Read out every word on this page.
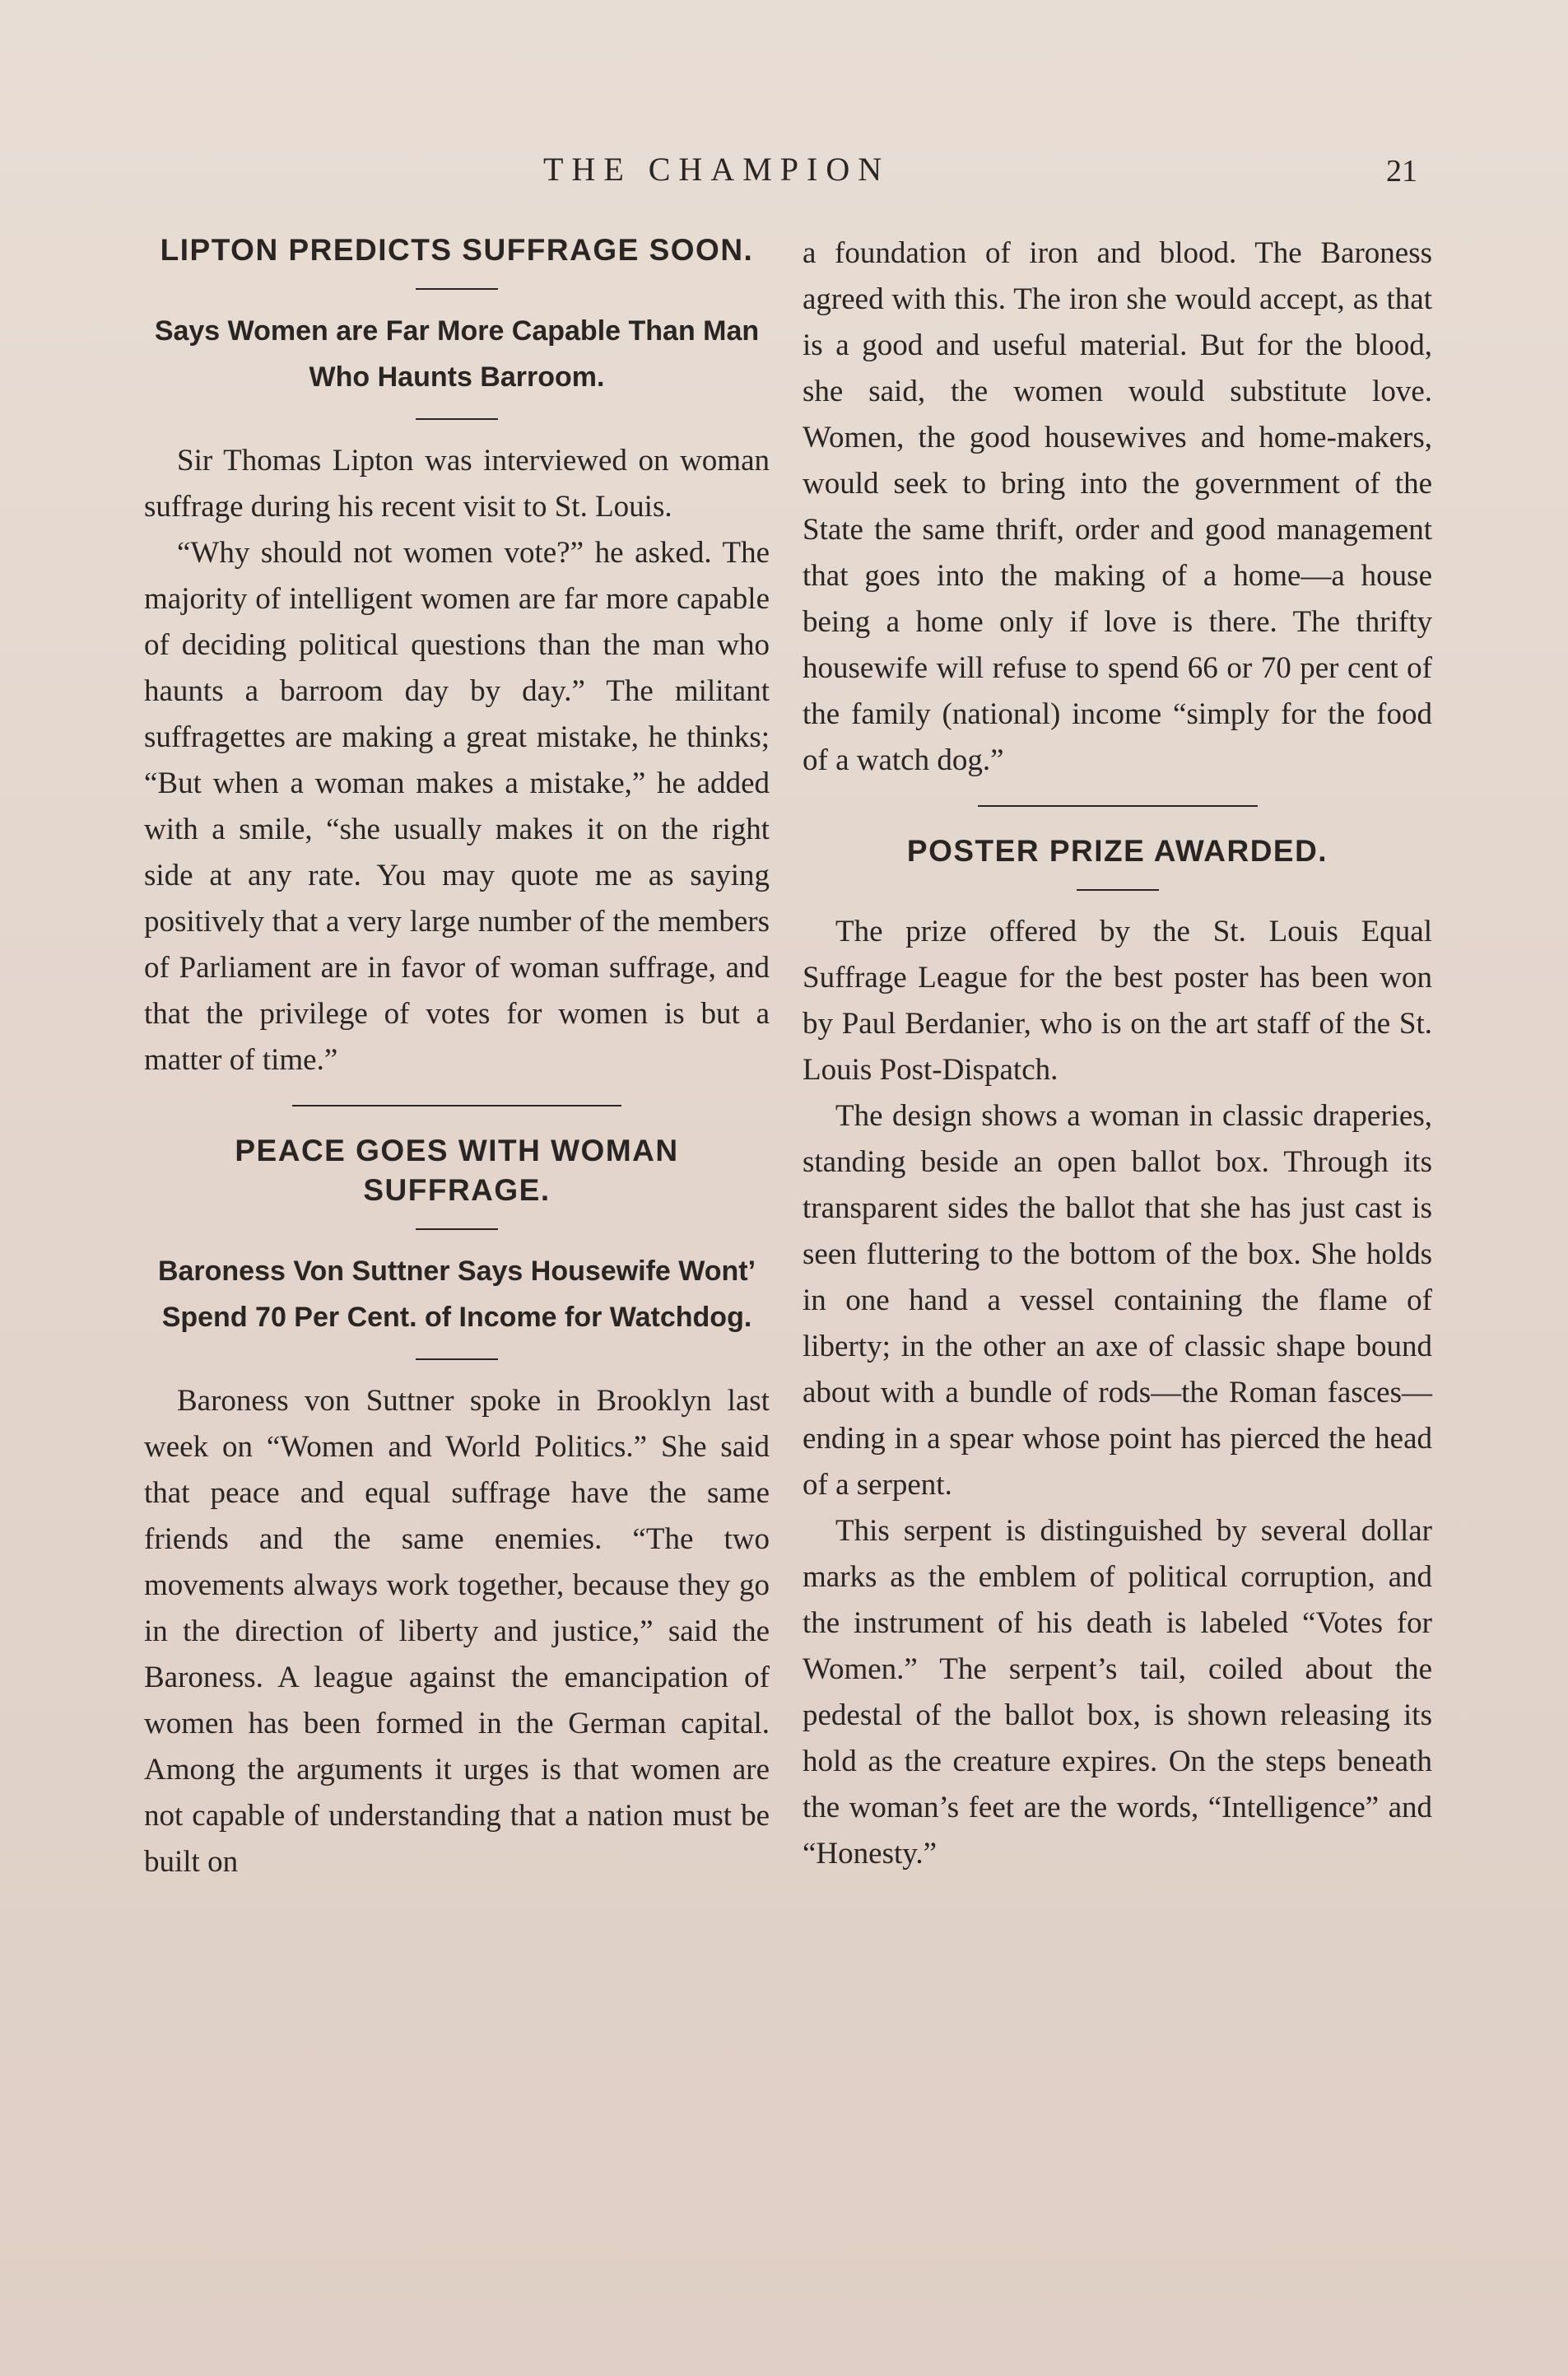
THE CHAMPION	21
LIPTON PREDICTS SUFFRAGE SOON.
Says Women are Far More Capable Than Man Who Haunts Barroom.

Sir Thomas Lipton was interviewed on woman suffrage during his recent visit to St. Louis.

“Why should not women vote?” he asked. The majority of intelligent women are far more capable of deciding political questions than the man who haunts a barroom day by day.” The militant suffragettes are making a great mistake, he thinks; “But when a woman makes a mistake,” he added with a smile, “she usually makes it on the right side at any rate. You may quote me as saying positively that a very large number of the members of Parliament are in favor of woman suffrage, and that the privilege of votes for women is but a matter of time.”

PEACE GOES WITH WOMAN SUFFRAGE.
Baroness Von Suttner Says Housewife Wont’ Spend 70 Per Cent. of Income for Watchdog.

Baroness von Suttner spoke in Brooklyn last week on “Women and World Politics.” She said that peace and equal suffrage have the same friends and the same enemies. “The two movements always work together, because they go in the direction of liberty and justice,” said the Baroness. A league against the emancipation of women has been formed in the German capital. Among the arguments it urges is that women are not capable of understanding that a nation must be built on

a foundation of iron and blood. The Baroness agreed with this. The iron she would accept, as that is a good and useful material. But for the blood, she said, the women would substitute love. Women, the good housewives and home-makers, would seek to bring into the government of the State the same thrift, order and good management that goes into the making of a home—a house being a home only if love is there. The thrifty housewife will refuse to spend 66 or 70 per cent of the family (national) income “simply for the food of a watch dog.”

POSTER PRIZE AWARDED.

The prize offered by the St. Louis Equal Suffrage League for the best poster has been won by Paul Berdanier, who is on the art staff of the St. Louis Post-Dispatch.

The design shows a woman in classic draperies, standing beside an open ballot box. Through its transparent sides the ballot that she has just cast is seen fluttering to the bottom of the box. She holds in one hand a vessel containing the flame of liberty; in the other an axe of classic shape bound about with a bundle of rods—the Roman fasces—ending in a spear whose point has pierced the head of a serpent.

This serpent is distinguished by several dollar marks as the emblem of political corruption, and the instrument of his death is labeled “Votes for Women.” The serpent’s tail, coiled about the pedestal of the ballot box, is shown releasing its hold as the creature expires. On the steps beneath the woman’s feet are the words, “Intelligence” and “Honesty.”
